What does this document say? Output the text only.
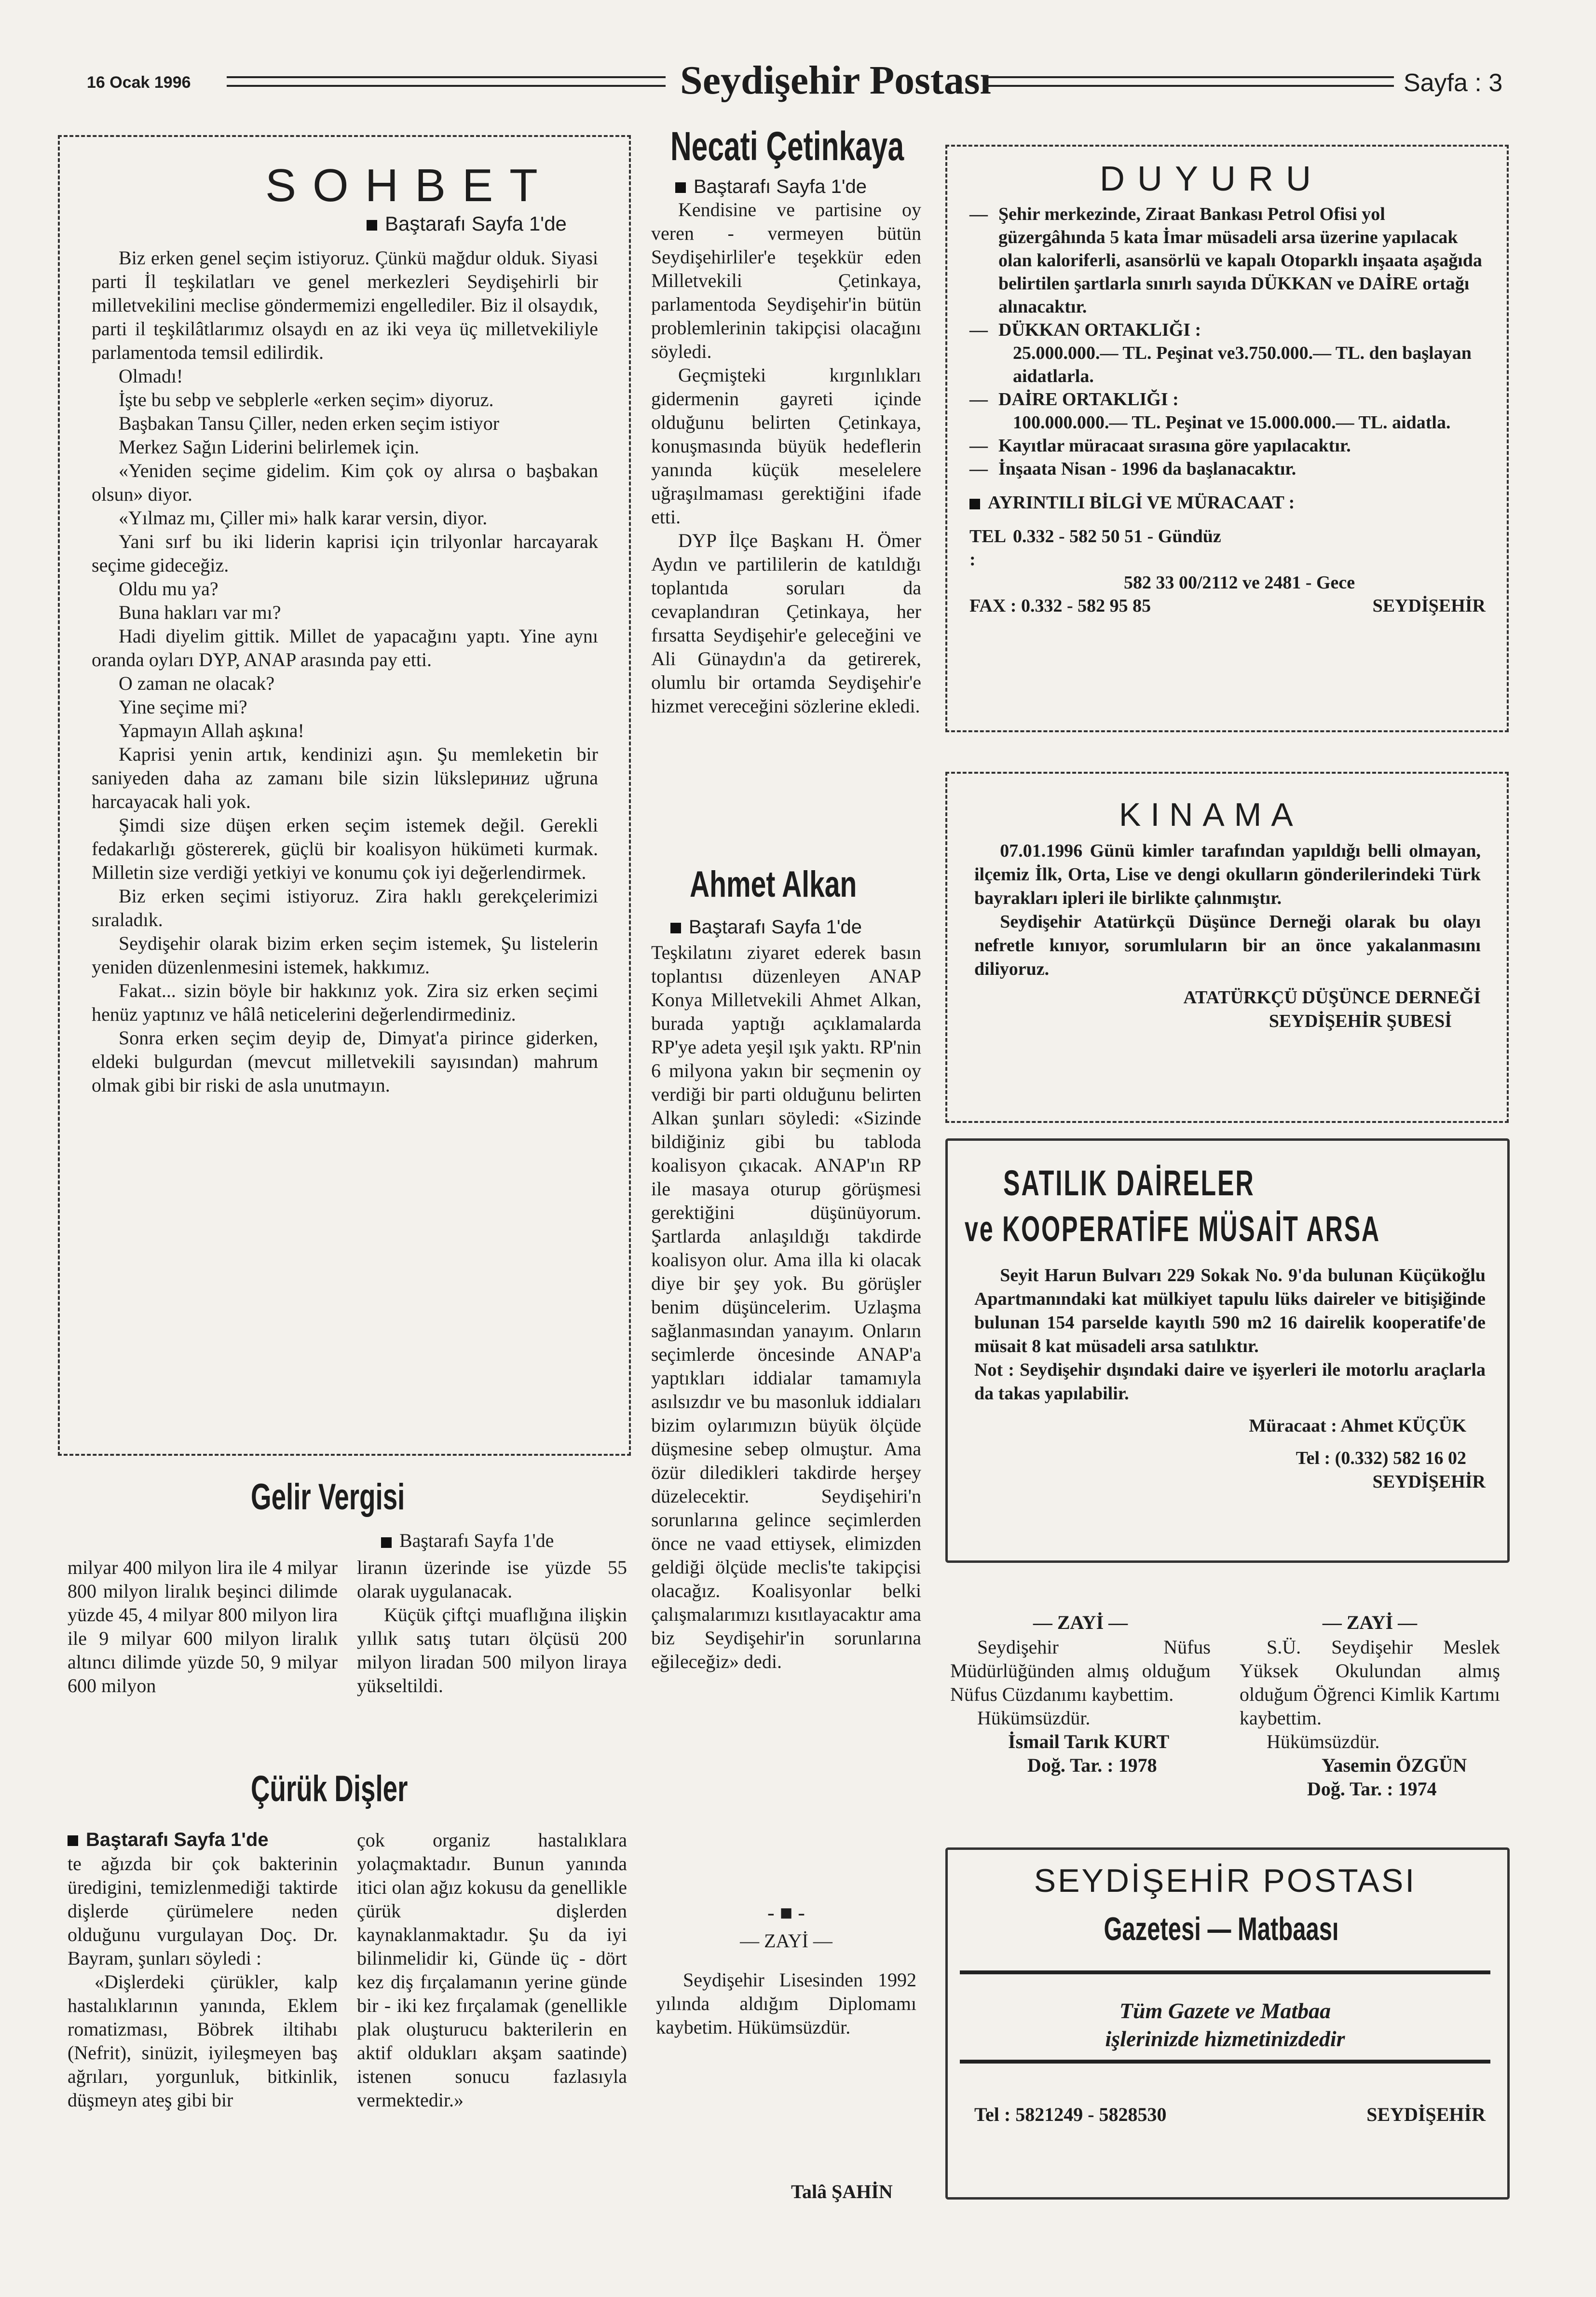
16 Ocak 1996	Seydişehir Postası	Sayfa : 3
SOHBET
Baştarafı Sayfa 1'de

Biz erken genel seçim istiyoruz. Çünkü mağdur olduk. Siyasi parti İl teşkilatları ve genel merkezleri Seydişehirli bir milletvekilini meclise göndermemizi engellediler. Biz il olsaydık, parti il teşkilâtlarımız olsaydı en az iki veya üç milletvekiliyle parlamentoda temsil edilirdik.

Olmadı!

İşte bu sebp ve sebplerle «erken seçim» diyoruz.

Başbakan Tansu Çiller, neden erken seçim istiyor

Merkez Sağın Liderini belirlemek için.

«Yeniden seçime gidelim. Kim çok oy alırsa o başbakan olsun» diyor.

«Yılmaz mı, Çiller mi» halk karar versin, diyor.

Yani sırf bu iki liderin kaprisi için trilyonlar harcayarak seçime gideceğiz.

Oldu mu ya?

Buna hakları var mı?

Hadi diyelim gittik. Millet de yapacağını yaptı. Yine aynı oranda oyları DYP, ANAP arasında pay etti.

O zaman ne olacak?

Yine seçime mi?

Yapmayın Allah aşkına!

Kaprisi yenin artık, kendinizi aşın. Şu memleketin bir saniyeden daha az zamanı bile sizin lükslериниz uğruna harcayacak hali yok.

Şimdi size düşen erken seçim istemek değil. Gerekli fedakarlığı göstererek, güçlü bir koalisyon hükümeti kurmak. Milletin size verdiği yetkiyi ve konumu çok iyi değerlendirmek.

Biz erken seçimi istiyoruz. Zira haklı gerekçelerimizi sıraladık.

Seydişehir olarak bizim erken seçim istemek, Şu listelerin yeniden düzenlenmesini istemek, hakkımız.

Fakat... sizin böyle bir hakkınız yok. Zira siz erken seçimi henüz yaptınız ve hâlâ neticelerini değerlendirmediniz.

Sonra erken seçim deyip de, Dimyat'a pirince giderken, eldeki bulgurdan (mevcut milletvekili sayısından) mahrum olmak gibi bir riski de asla unutmayın.

Gelir Vergisi
Baştarafı Sayfa 1'de

milyar 400 milyon lira ile 4 milyar 800 milyon liralık beşinci dilimde yüzde 45, 4 milyar 800 milyon lira ile 9 milyar 600 milyon liralık altıncı dilimde yüzde 50, 9 milyar 600 milyon

liranın üzerinde ise yüzde 55 olarak uygulanacak.

Küçük çiftçi muaflığına ilişkin yıllık satış tutarı ölçüsü 200 milyon liradan 500 milyon liraya yükseltildi.

Çürük Dişler

Baştarafı Sayfa 1'de

te ağızda bir çok bakterinin üredigini, temizlenmediği taktirde dişlerde çürümelere neden olduğunu vurgulayan Doç. Dr. Bayram, şunları söyledi :

«Dişlerdeki çürükler, kalp hastalıklarının yanında, Eklem romatizması, Böbrek iltihabı (Nefrit), sinüzit, iyileşmeyen baş ağrıları, yorgunluk, bitkinlik, düşmeyn ateş gibi bir

çok organiz hastalıklara yolaçmaktadır. Bunun yanında itici olan ağız kokusu da genellikle çürük dişlerden kaynaklanmaktadır. Şu da iyi bilinmelidir ki, Günde üç - dört kez diş fırçalamanın yerine günde bir - iki kez fırçalamak (genellikle plak oluşturucu bakterilerin en aktif oldukları akşam saatinde) istenen sonucu fazlasıyla vermektedir.»

Necati Çetinkaya
Baştarafı Sayfa 1'de

Kendisine ve partisine oy veren - vermeyen bütün Seydişehirliler'e teşekkür eden Milletvekili Çetinkaya, parlamentoda Seydişehir'in bütün problemlerinin takipçisi olacağını söyledi.

Geçmişteki kırgınlıkları gidermenin gayreti içinde olduğunu belirten Çetinkaya, konuşmasında büyük hedeflerin yanında küçük meselelere uğraşılmaması gerektiğini ifade etti.

DYP İlçe Başkanı H. Ömer Aydın ve partililerin de katıldığı toplantıda soruları da cevaplandıran Çetinkaya, her fırsatta Seydişehir'e geleceğini ve Ali Günaydın'a da getirerek, olumlu bir ortamda Seydişehir'e hizmet vereceğini sözlerine ekledi.

Ahmet Alkan
Baştarafı Sayfa 1'de

Teşkilatını ziyaret ederek basın toplantısı düzenleyen ANAP Konya Milletvekili Ahmet Alkan, burada yaptığı açıklamalarda RP'ye adeta yeşil ışık yaktı. RP'nin 6 milyona yakın bir seçmenin oy verdiği bir parti olduğunu belirten Alkan şunları söyledi: «Sizinde bildiğiniz gibi bu tabloda koalisyon çıkacak. ANAP'ın RP ile masaya oturup görüşmesi gerektiğini düşünüyorum. Şartlarda anlaşıldığı takdirde koalisyon olur. Ama illa ki olacak diye bir şey yok. Bu görüşler benim düşüncelerim. Uzlaşma sağlanmasından yanayım. Onların seçimlerde öncesinde ANAP'a yaptıkları iddialar tamamıyla asılsızdır ve bu masonluk iddiaları bizim oylarımızın büyük ölçüde düşmesine sebep olmuştur. Ama özür diledikleri takdirde herşey düzelecektir. Seydişehiri'n sorunlarına gelince seçimlerden önce ne vaad ettiysek, elimizden geldiği ölçüde meclis'te takipçisi olacağız. Koalisyonlar belki çalışmalarımızı kısıtlayacaktır ama biz Seydişehir'in sorunlarına eğileceğiz» dedi.

- ■ -
— ZAYİ —

Seydişehir Lisesinden 1992 yılında aldığım Diplomamı kaybetim. Hükümsüzdür.

Talâ ŞAHİN
DUYURU
— Şehir merkezinde, Ziraat Bankası Petrol Ofisi yol güzergâhında 5 kata İmar müsadeli arsa üzerine yapılacak olan kaloriferli, asansörlü ve kapalı Otoparklı inşaata aşağıda belirtilen şartlarla sınırlı sayıda DÜKKAN ve DAİRE ortağı alınacaktır.
— DÜKKAN ORTAKLIĞI :
25.000.000.— TL. Peşinat ve3.750.000.— TL. den başlayan aidatlarla.
— DAİRE ORTAKLIĞI :
100.000.000.— TL. Peşinat ve 15.000.000.— TL. aidatla.
— Kayıtlar müracaat sırasına göre yapılacaktır.
— İnşaata Nisan - 1996 da başlanacaktır.
AYRINTILI BİLGİ VE MÜRACAAT :
TEL :
0.332 - 582 50 51 - Gündüz
582 33 00/2112 ve 2481 - Gece
FAX : 0.332 - 582 95 85	SEYDİŞEHİR
KINAMA

07.01.1996 Günü kimler tarafından yapıldığı belli olmayan, ilçemiz İlk, Orta, Lise ve dengi okulların gönderilerindeki Türk bayrakları ipleri ile birlikte çalınmıştır.

Seydişehir Atatürkçü Düşünce Derneği olarak bu olayı nefretle kınıyor, sorumluların bir an önce yakalanmasını diliyoruz.

ATATÜRKÇÜ DÜŞÜNCE DERNEĞİ

SEYDİŞEHİR ŞUBESİ

SATILIK DAİRELER
ve KOOPERATİFE MÜSAİT ARSA

Seyit Harun Bulvarı 229 Sokak No. 9'da bulunan Küçükoğlu Apartmanındaki kat mülkiyet tapulu lüks daireler ve bitişiğinde bulunan 154 parselde kayıtlı 590 m2 16 dairelik kooperatife'de müsait 8 kat müsadeli arsa satılıktır.

Not : Seydişehir dışındaki daire ve işyerleri ile motorlu araçlarla da takas yapılabilir.

Müracaat : Ahmet KÜÇÜK

Tel : (0.332) 582 16 02

SEYDİŞEHİR

— ZAYİ —

Seydişehir Nüfus Müdürlüğünden almış olduğum Nüfus Cüzdanımı kaybettim.

Hükümsüzdür.

İsmail Tarık KURT

Doğ. Tar. : 1978

— ZAYİ —

S.Ü. Seydişehir Meslek Yüksek Okulundan almış olduğum Öğrenci Kimlik Kartımı kaybettim.

Hükümsüzdür.

Yasemin ÖZGÜN

Doğ. Tar. : 1974

SEYDİŞEHİR POSTASI
Gazetesi — Matbaası
Tüm Gazete ve Matbaa
işlerinizde hizmetinizdedir
Tel : 5821249 - 5828530	SEYDİŞEHİR
